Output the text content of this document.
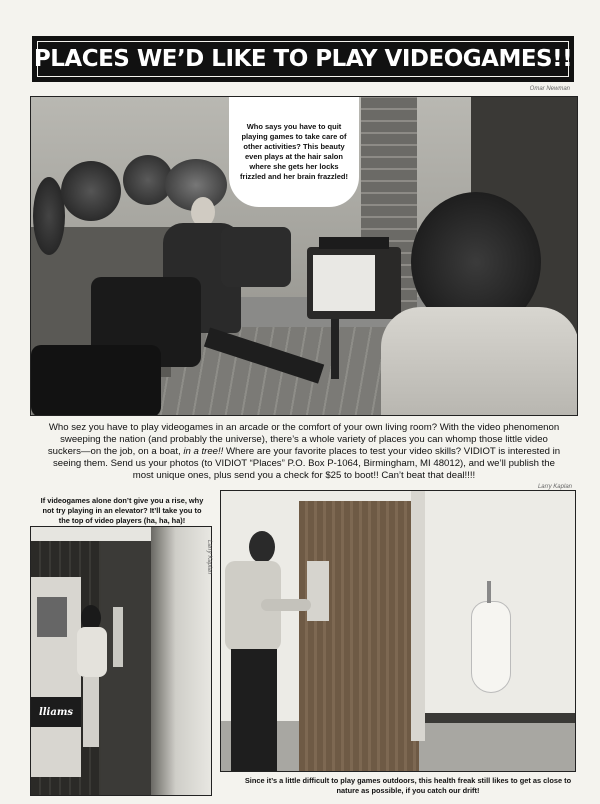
PLACES WE’D LIKE TO PLAY VIDEOGAMES!!
Omar Newman
Who says you have to quit playing games to take care of other activities? This beauty even plays at the hair salon where she gets her locks frizzled and her brain frazzled!
Who sez you have to play videogames in an arcade or the comfort of your own living room? With the video phenomenon sweeping the nation (and probably the universe), there’s a whole variety of places you can whomp those little video suckers—on the job, on a boat, in a tree!! Where are your favorite places to test your video skills? VIDIOT is interested in seeing them. Send us your photos (to VIDIOT “Places” P.O. Box P-1064, Birmingham, MI 48012), and we’ll publish the most unique ones, plus send you a check for $25 to boot!! Can’t beat that deal!!!!
Larry Kaplan
If videogames alone don’t give you a rise, why not try playing in an elevator? It’ll take you to the top of video players (ha, ha, ha)!
lliams
Larry Kaplan
Since it’s a little difficult to play games outdoors, this health freak still likes to get as close to nature as possible, if you catch our drift!
